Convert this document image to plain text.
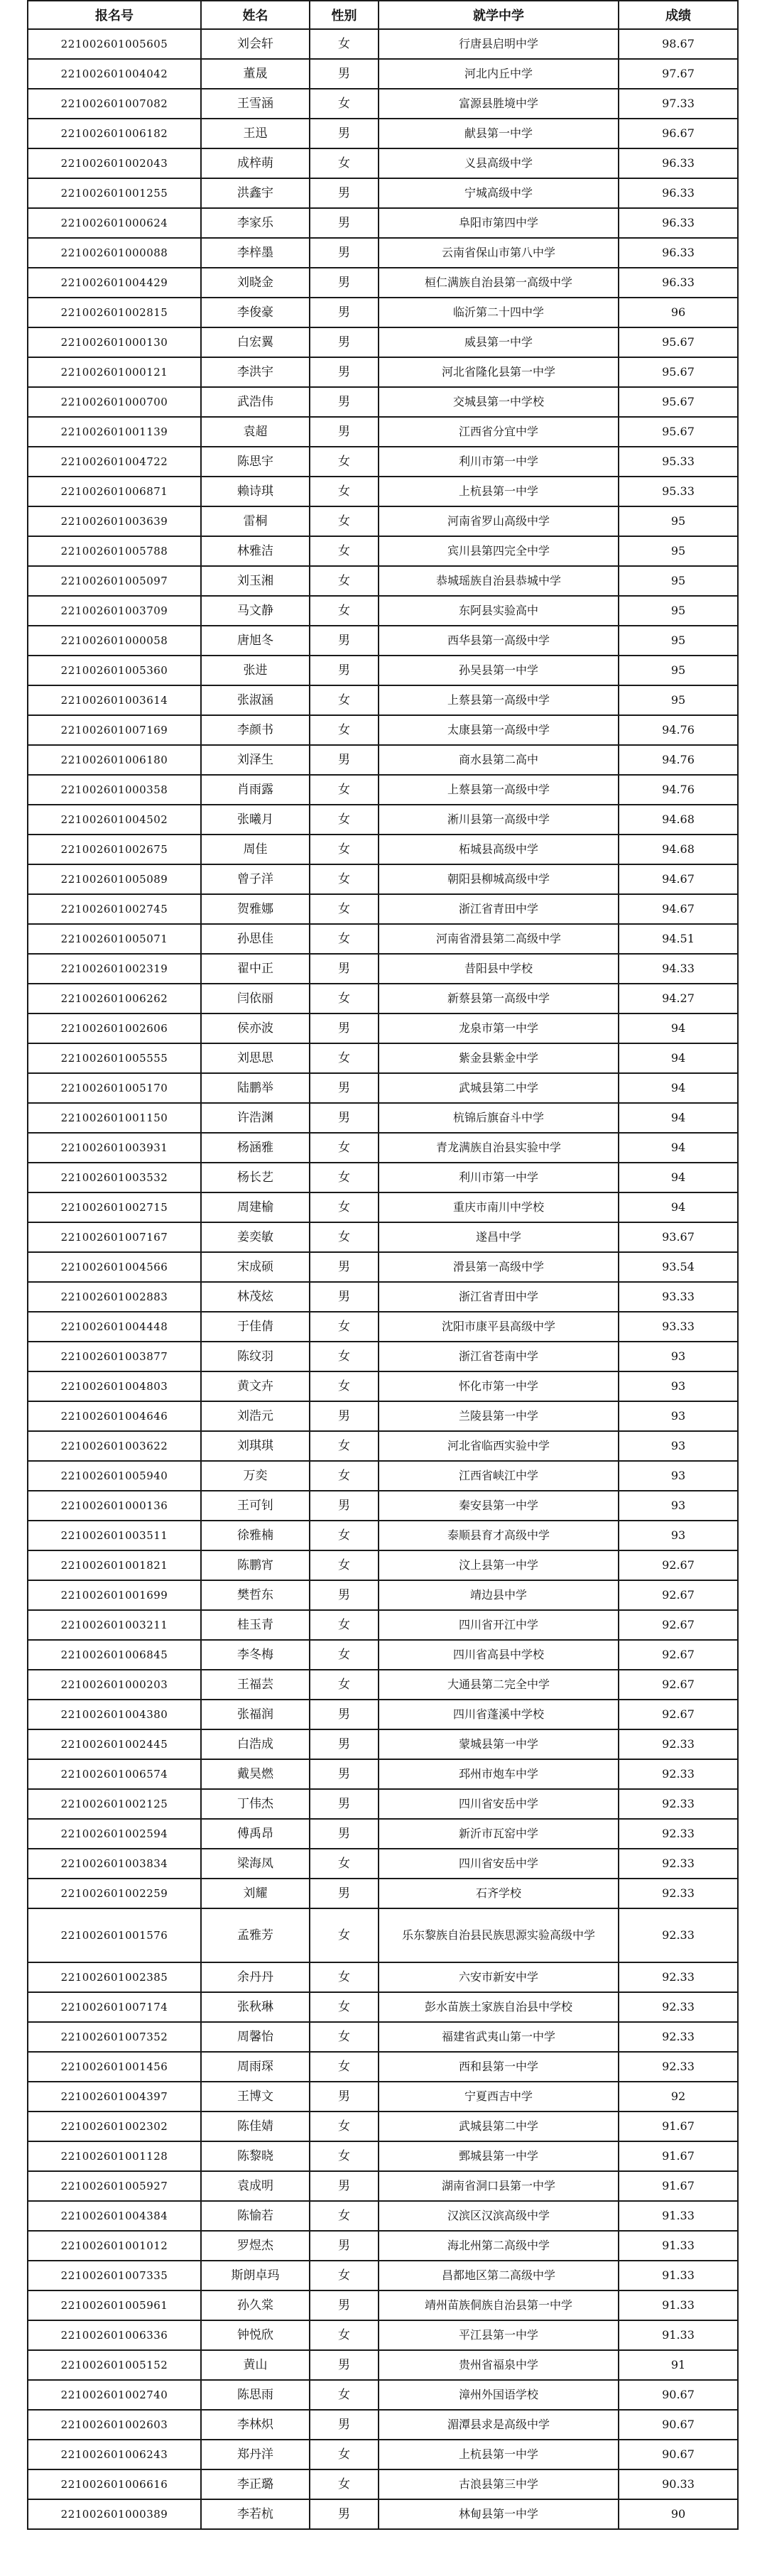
报名号	姓名	性别	就学中学	成绩
221002601005605	刘会轩	女	行唐县启明中学	98.67
221002601004042	董晟	男	河北内丘中学	97.67
221002601007082	王雪涵	女	富源县胜境中学	97.33
221002601006182	王迅	男	献县第一中学	96.67
221002601002043	成梓萌	女	义县高级中学	96.33
221002601001255	洪鑫宇	男	宁城高级中学	96.33
221002601000624	李家乐	男	阜阳市第四中学	96.33
221002601000088	李梓墨	男	云南省保山市第八中学	96.33
221002601004429	刘晓金	男	桓仁满族自治县第一高级中学	96.33
221002601002815	李俊豪	男	临沂第二十四中学	96
221002601000130	白宏翼	男	威县第一中学	95.67
221002601000121	李洪宇	男	河北省隆化县第一中学	95.67
221002601000700	武浩伟	男	交城县第一中学校	95.67
221002601001139	袁超	男	江西省分宜中学	95.67
221002601004722	陈思宇	女	利川市第一中学	95.33
221002601006871	赖诗琪	女	上杭县第一中学	95.33
221002601003639	雷桐	女	河南省罗山高级中学	95
221002601005788	林雅洁	女	宾川县第四完全中学	95
221002601005097	刘玉湘	女	恭城瑶族自治县恭城中学	95
221002601003709	马文静	女	东阿县实验高中	95
221002601000058	唐旭冬	男	西华县第一高级中学	95
221002601005360	张进	男	孙吴县第一中学	95
221002601003614	张淑涵	女	上蔡县第一高级中学	95
221002601007169	李颜书	女	太康县第一高级中学	94.76
221002601006180	刘泽生	男	商水县第二高中	94.76
221002601000358	肖雨露	女	上蔡县第一高级中学	94.76
221002601004502	张曦月	女	淅川县第一高级中学	94.68
221002601002675	周佳	女	柘城县高级中学	94.68
221002601005089	曾子洋	女	朝阳县柳城高级中学	94.67
221002601002745	贺雅娜	女	浙江省青田中学	94.67
221002601005071	孙思佳	女	河南省滑县第二高级中学	94.51
221002601002319	翟中正	男	昔阳县中学校	94.33
221002601006262	闫依丽	女	新蔡县第一高级中学	94.27
221002601002606	侯亦波	男	龙泉市第一中学	94
221002601005555	刘思思	女	紫金县紫金中学	94
221002601005170	陆鹏举	男	武城县第二中学	94
221002601001150	许浩渊	男	杭锦后旗奋斗中学	94
221002601003931	杨涵雅	女	青龙满族自治县实验中学	94
221002601003532	杨长艺	女	利川市第一中学	94
221002601002715	周建榆	女	重庆市南川中学校	94
221002601007167	姜奕敏	女	遂昌中学	93.67
221002601004566	宋成硕	男	滑县第一高级中学	93.54
221002601002883	林茂炫	男	浙江省青田中学	93.33
221002601004448	于佳倩	女	沈阳市康平县高级中学	93.33
221002601003877	陈纹羽	女	浙江省苍南中学	93
221002601004803	黄文卉	女	怀化市第一中学	93
221002601004646	刘浩元	男	兰陵县第一中学	93
221002601003622	刘琪琪	女	河北省临西实验中学	93
221002601005940	万奕	女	江西省峡江中学	93
221002601000136	王可钊	男	秦安县第一中学	93
221002601003511	徐雅楠	女	泰顺县育才高级中学	93
221002601001821	陈鹏宵	女	汶上县第一中学	92.67
221002601001699	樊哲东	男	靖边县中学	92.67
221002601003211	桂玉青	女	四川省开江中学	92.67
221002601006845	李冬梅	女	四川省高县中学校	92.67
221002601000203	王福芸	女	大通县第二完全中学	92.67
221002601004380	张福润	男	四川省蓬溪中学校	92.67
221002601002445	白浩成	男	蒙城县第一中学	92.33
221002601006574	戴昊燃	男	邳州市炮车中学	92.33
221002601002125	丁伟杰	男	四川省安岳中学	92.33
221002601002594	傅禹昂	男	新沂市瓦窑中学	92.33
221002601003834	梁海凤	女	四川省安岳中学	92.33
221002601002259	刘耀	男	石齐学校	92.33
221002601001576	孟雅芳	女	乐东黎族自治县民族思源实验高级中学	92.33
221002601002385	余丹丹	女	六安市新安中学	92.33
221002601007174	张秋琳	女	彭水苗族土家族自治县中学校	92.33
221002601007352	周馨怡	女	福建省武夷山第一中学	92.33
221002601001456	周雨琛	女	西和县第一中学	92.33
221002601004397	王博文	男	宁夏西吉中学	92
221002601002302	陈佳婧	女	武城县第二中学	91.67
221002601001128	陈黎晓	女	鄄城县第一中学	91.67
221002601005927	袁成明	男	湖南省洞口县第一中学	91.67
221002601004384	陈愉若	女	汉滨区汉滨高级中学	91.33
221002601001012	罗煜杰	男	海北州第二高级中学	91.33
221002601007335	斯朗卓玛	女	昌都地区第二高级中学	91.33
221002601005961	孙久棠	男	靖州苗族侗族自治县第一中学	91.33
221002601006336	钟悦欣	女	平江县第一中学	91.33
221002601005152	黄山	男	贵州省福泉中学	91
221002601002740	陈思雨	女	漳州外国语学校	90.67
221002601002603	李林炽	男	湄潭县求是高级中学	90.67
221002601006243	郑丹洋	女	上杭县第一中学	90.67
221002601006616	李正璐	女	古浪县第三中学	90.33
221002601000389	李若杭	男	林甸县第一中学	90
